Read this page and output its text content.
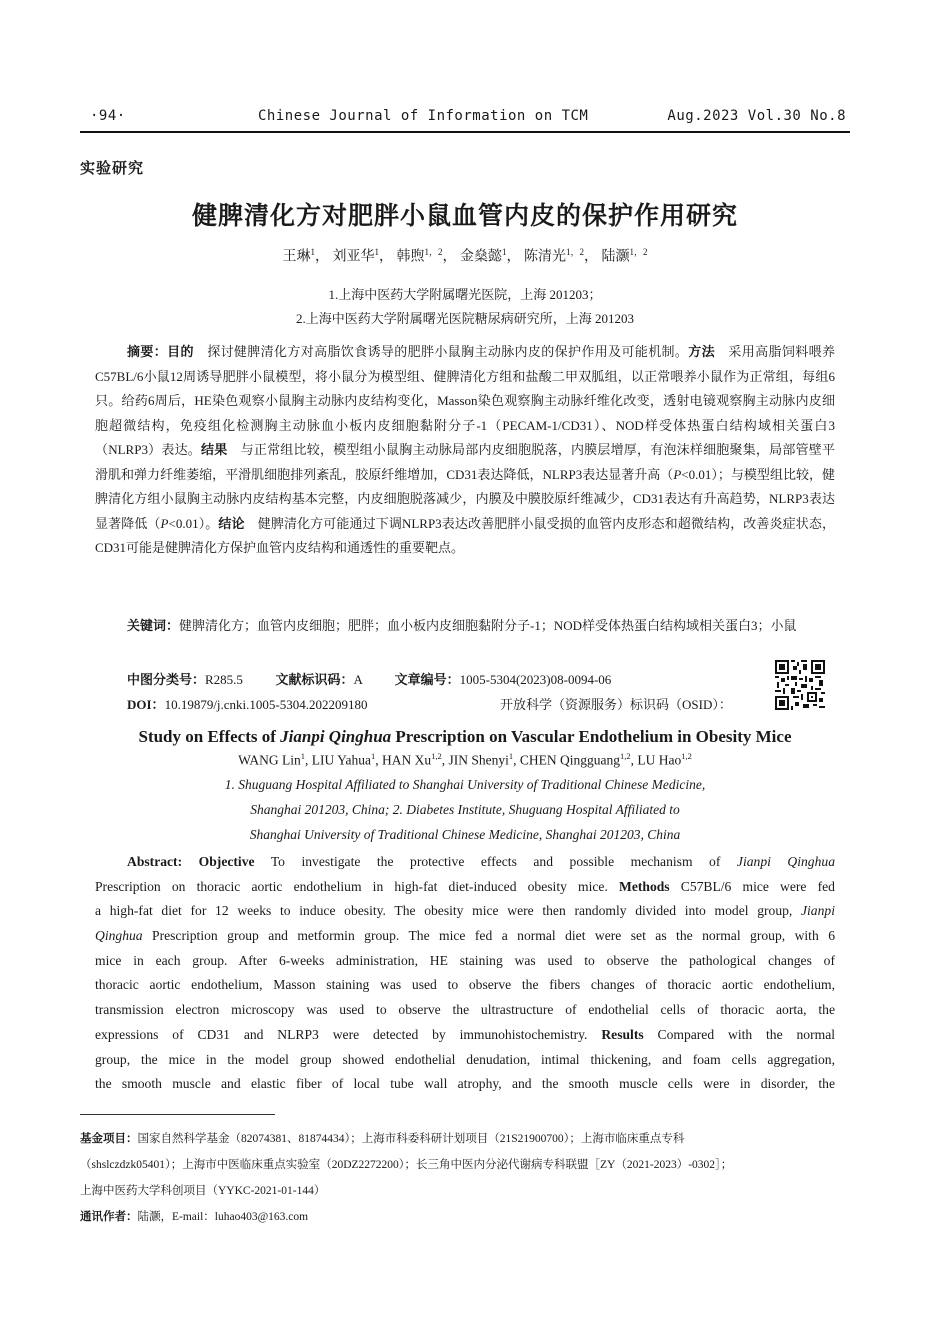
·94·	Chinese Journal of Information on TCM	Aug.2023 Vol.30 No.8
实验研究
健脾清化方对肥胖小鼠血管内皮的保护作用研究
王琳$^1$， 刘亚华$^1$， 韩煦$^{1,2}$， 金燊懿$^1$， 陈清光$^{1,2}$， 陆灏$^{1,2}$
1.上海中医药大学附属曙光医院，上海 201203；
2.上海中医药大学附属曙光医院糖尿病研究所，上海 201203
摘要：目的　 探讨健脾清化方对高脂饮食诱导的肥胖小鼠胸主动脉内皮的保护作用及可能机制。方法　 采用高脂饲料喂养C57BL/6小鼠12周诱导肥胖小鼠模型，将小鼠分为模型组、健脾清化方组和盐酸二甲双胍组，以正常喂养小鼠作为正常组，每组6只。给药6周后，HE染色观察小鼠胸主动脉内皮结构变化，Masson染色观察胸主动脉纤维化改变，透射电镜观察胸主动脉内皮细胞超微结构，免疫组化检测胸主动脉血小板内皮细胞黏附分子-1（PECAM-1/CD31）、NOD样受体热蛋白结构域相关蛋白3（NLRP3）表达。结果　 与正常组比较，模型组小鼠胸主动脉局部内皮细胞脱落，内膜层增厚，有泡沫样细胞聚集，局部管壁平滑肌和弹力纤维萎缩，平滑肌细胞排列紊乱，胶原纤维增加，CD31表达降低，NLRP3表达显著升高（P<0.01）；与模型组比较，健脾清化方组小鼠胸主动脉内皮结构基本完整，内皮细胞脱落减少，内膜及中膜胶原纤维减少，CD31表达有升高趋势，NLRP3表达显著降低（P<0.01）。结论　 健脾清化方可能通过下调NLRP3表达改善肥胖小鼠受损的血管内皮形态和超微结构，改善炎症状态，CD31可能是健脾清化方保护血管内皮结构和通透性的重要靶点。
关键词：健脾清化方；血管内皮细胞；肥胖；血小板内皮细胞黏附分子-1；NOD样受体热蛋白结构域相关蛋白3；小鼠
中图分类号：R285.5	文献标识码：A	文章编号：1005-5304(2023)08-0094-06
DOI：10.19879/j.cnki.1005-5304.202209180	开放科学（资源服务）标识码（OSID）：
Study on Effects of Jianpi Qinghua Prescription on Vascular Endothelium in Obesity Mice
WANG Lin$^1$, LIU Yahua$^1$, HAN Xu$^{1,2}$, JIN Shenyi$^1$, CHEN Qingguang$^{1,2}$, LU Hao$^{1,2}$
1. Shuguang Hospital Affiliated to Shanghai University of Traditional Chinese Medicine,
Shanghai 201203, China; 2. Diabetes Institute, Shuguang Hospital Affiliated to
Shanghai University of Traditional Chinese Medicine, Shanghai 201203, China
Abstract: Objective To investigate the protective effects and possible mechanism of Jianpi Qinghua
Prescription on thoracic aortic endothelium in high-fat diet-induced obesity mice. Methods C57BL/6 mice were fed
a high-fat diet for 12 weeks to induce obesity. The obesity mice were then randomly divided into model group, Jianpi
Qinghua Prescription group and metformin group. The mice fed a normal diet were set as the normal group, with 6
mice in each group. After 6-weeks administration, HE staining was used to observe the pathological changes of
thoracic aortic endothelium, Masson staining was used to observe the fibers changes of thoracic aortic endothelium,
transmission electron microscopy was used to observe the ultrastructure of endothelial cells of thoracic aorta, the
expressions of CD31 and NLRP3 were detected by immunohistochemistry. Results Compared with the normal
group, the mice in the model group showed endothelial denudation, intimal thickening, and foam cells aggregation,
the smooth muscle and elastic fiber of local tube wall atrophy, and the smooth muscle cells were in disorder, the
基金项目：国家自然科学基金（82074381、81874434）；上海市科委科研计划项目（21S21900700）；上海市临床重点专科
（shslczdzk05401）；上海市中医临床重点实验室（20DZ2272200）；长三角中医内分泌代谢病专科联盟［ZY（2021-2023）-0302］；
上海中医药大学科创项目（YYKC-2021-01-144）
通讯作者：陆灏，E-mail：luhao403@163.com
